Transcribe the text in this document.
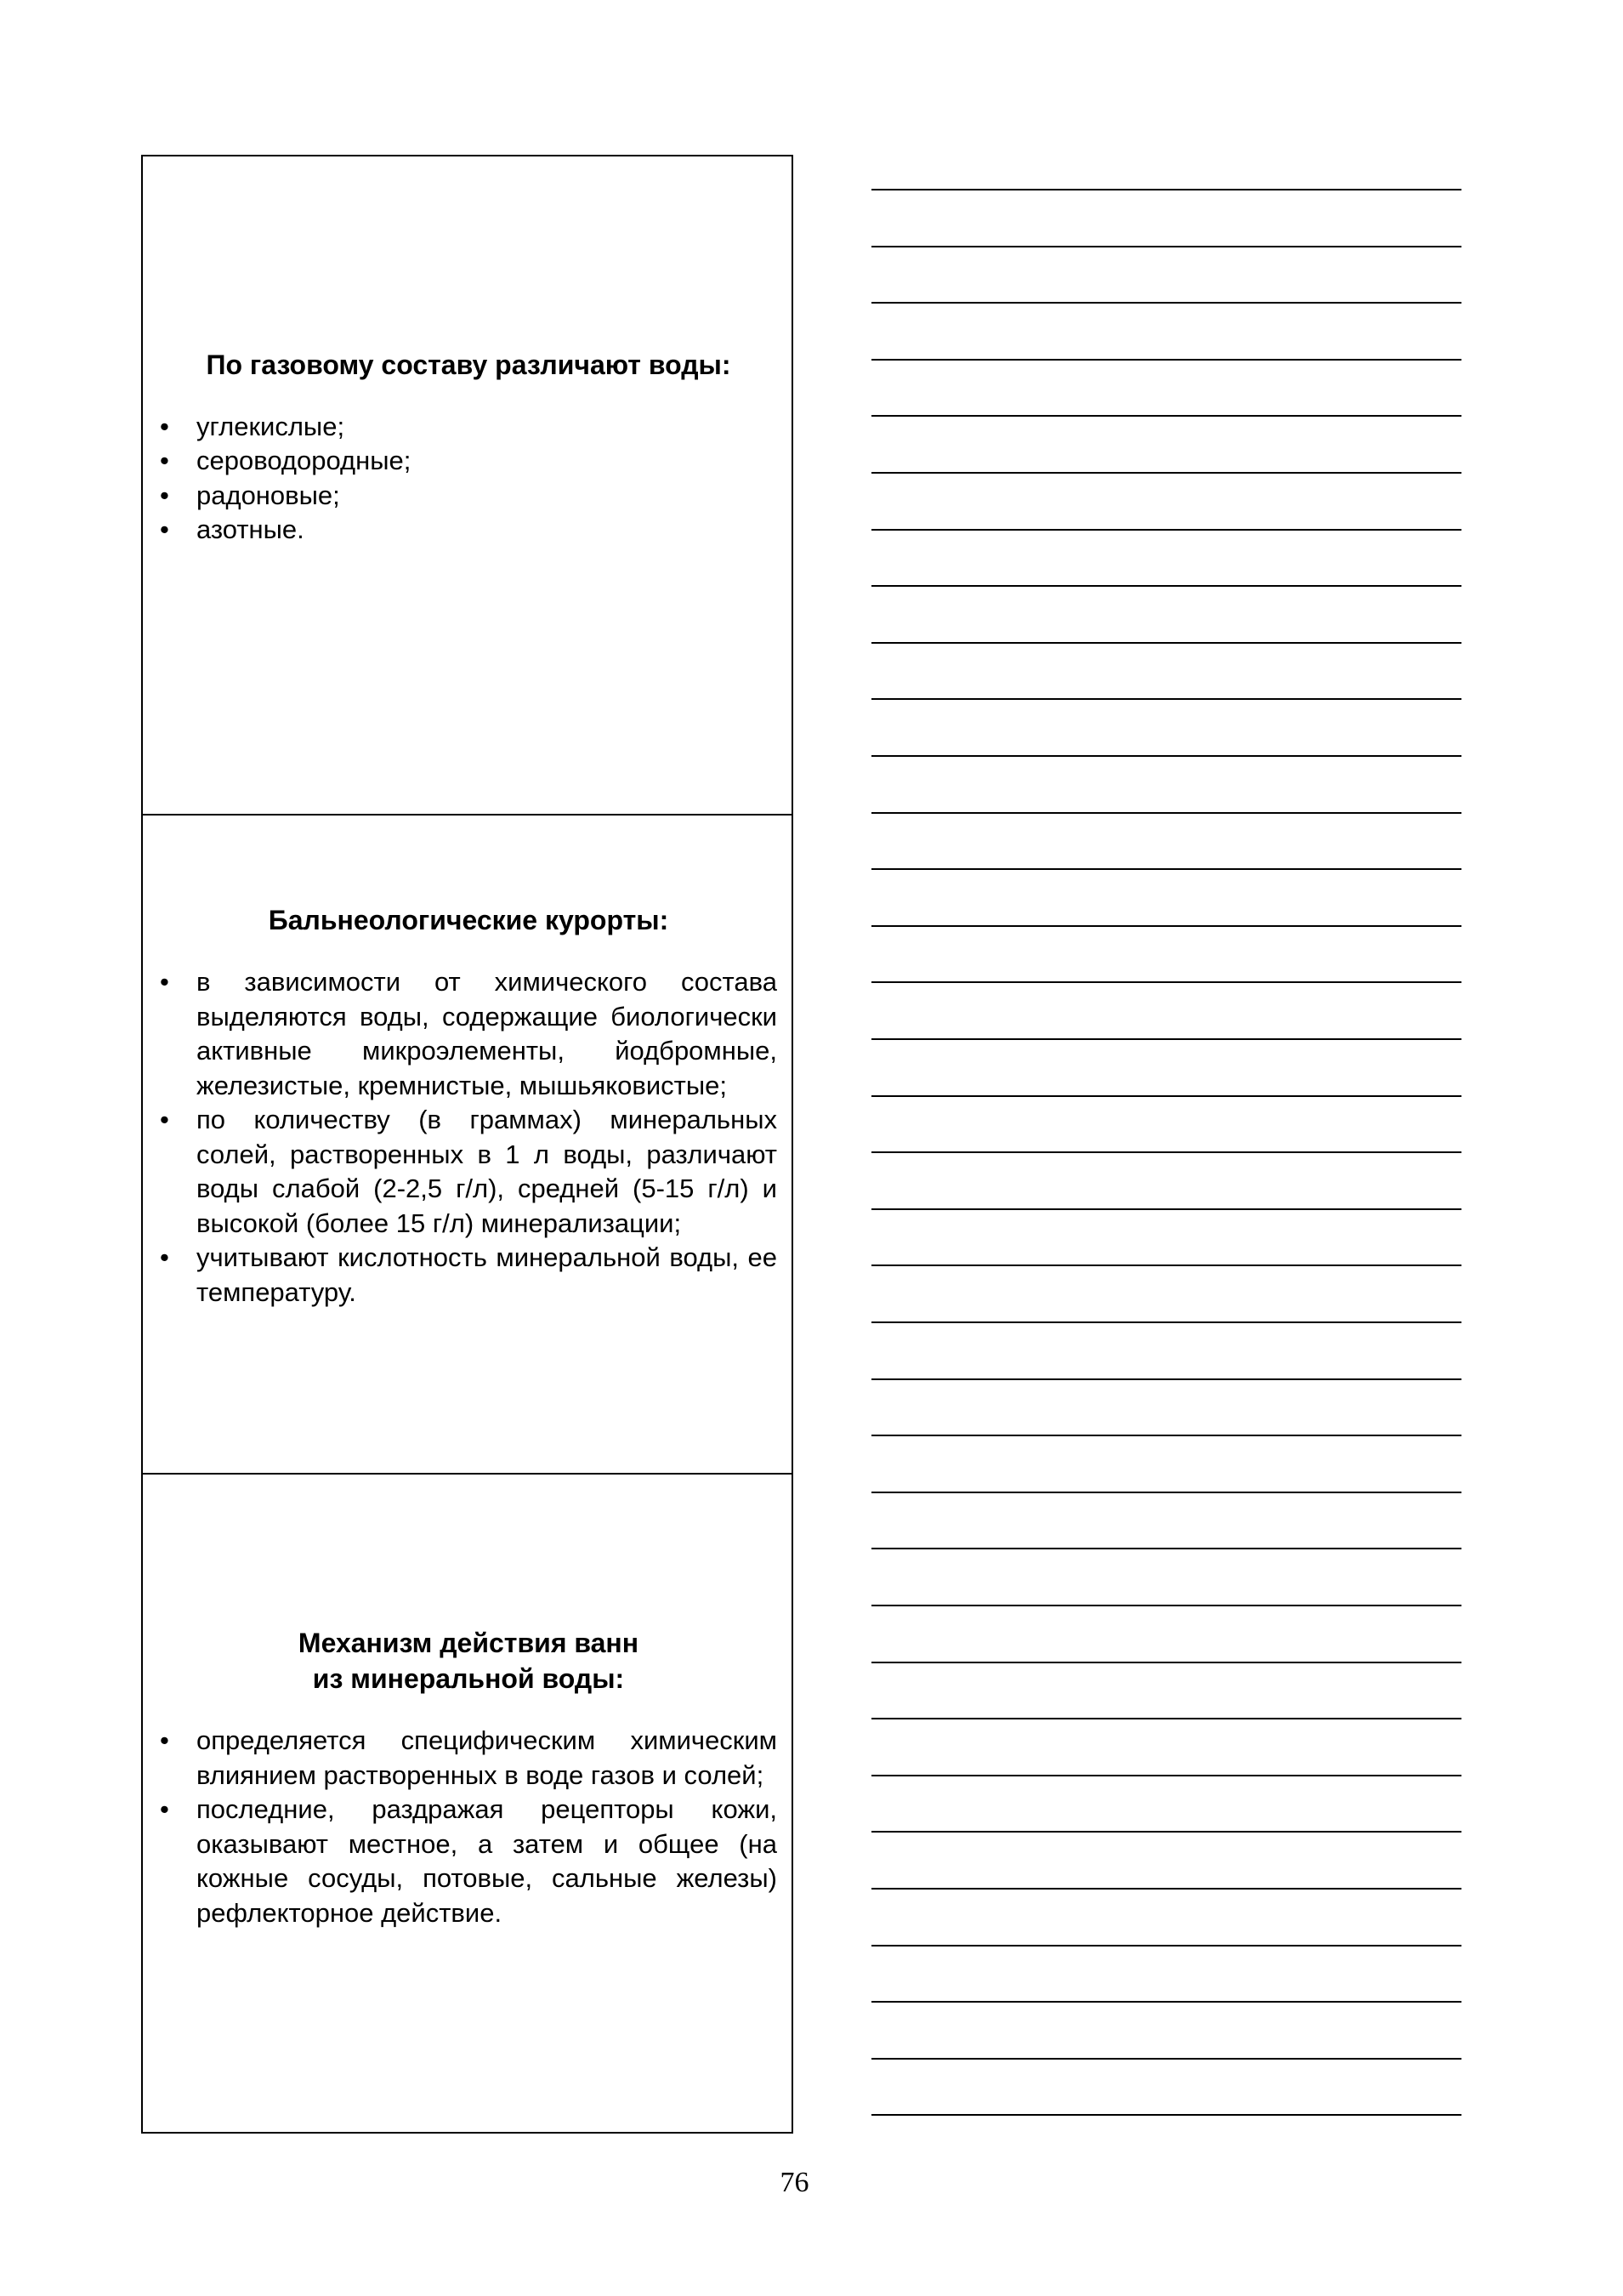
По газовому составу различают воды:
• углекислые;
• сероводородные;
• радоновые;
• азотные.
Бальнеологические курорты:
• в зависимости от химического состава выделяются воды, содержащие биологически активные микроэлементы, йодбромные, железистые, кремнистые, мышьяковистые;
• по количеству (в граммах) минеральных солей, растворенных в 1 л воды, различают воды слабой (2-2,5 г/л), средней (5-15 г/л) и высокой (более 15 г/л) минерализации;
• учитывают кислотность минеральной воды, ее температуру.
Механизм действия ванн
из минеральной воды:
• определяется специфическим химическим влиянием растворенных в воде газов и солей;
• последние, раздражая рецепторы кожи, оказывают местное, а затем и общее (на кожные сосуды, потовые, сальные железы) рефлекторное действие.
76
